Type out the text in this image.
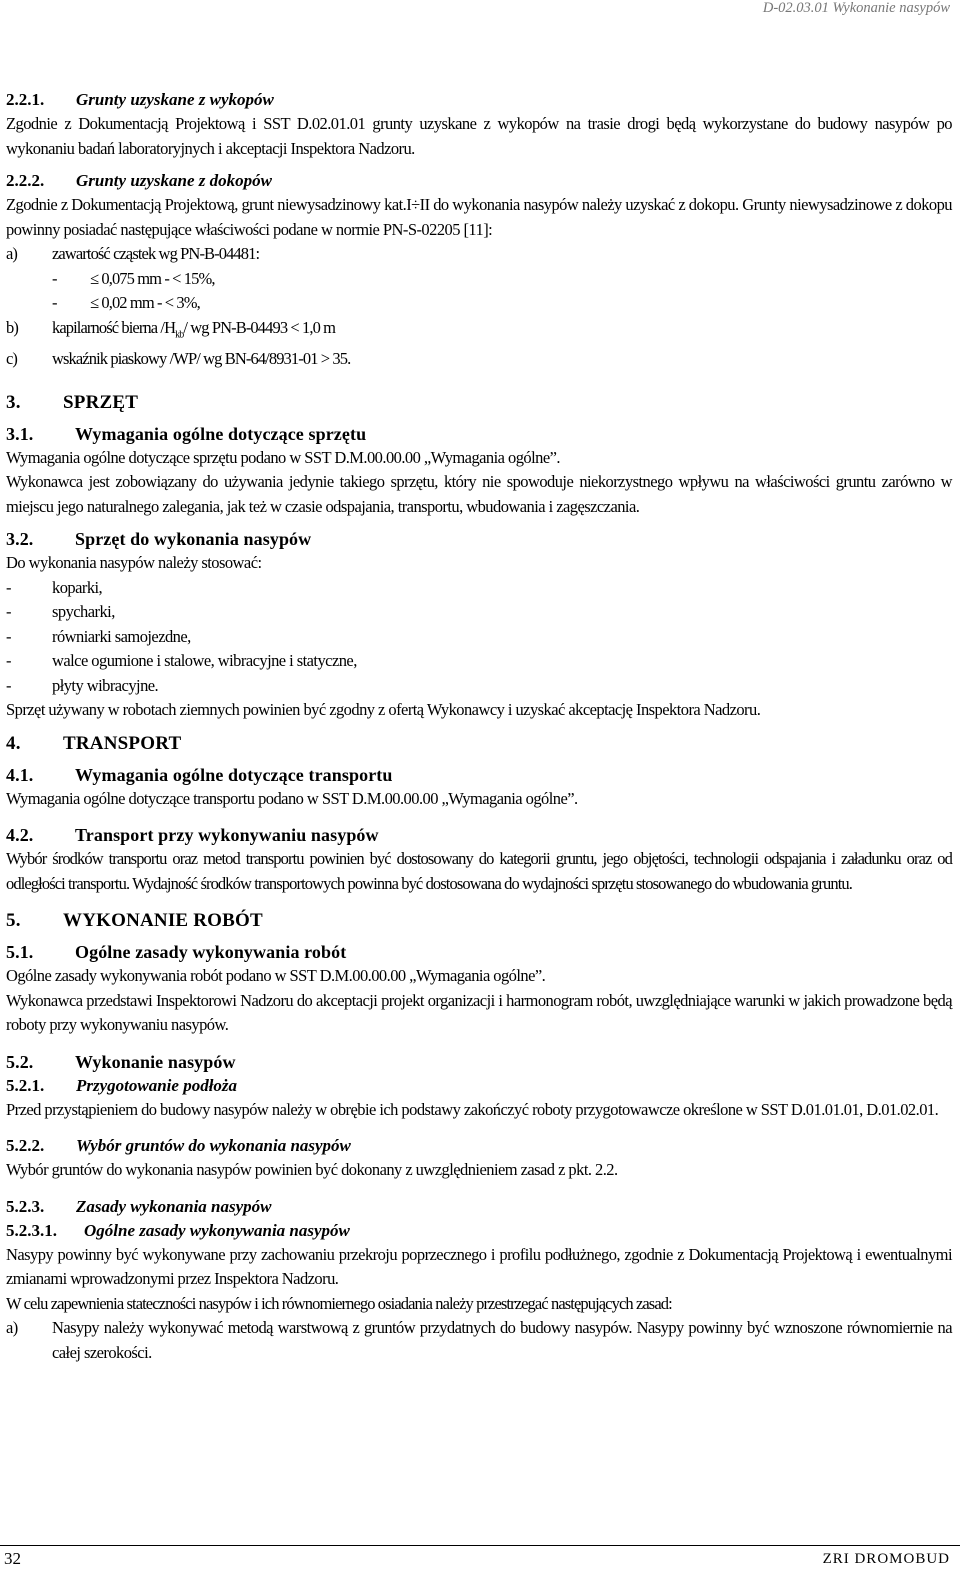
D-02.03.01 Wykonanie nasypów
2.2.1. Grunty uzyskane z wykopów

Zgodnie z Dokumentacją Projektową i SST D.02.01.01 grunty uzyskane z wykopów na trasie drogi będą wykorzystane do budowy nasypów po wykonaniu badań laboratoryjnych i akceptacji Inspektora Nadzoru.

2.2.2. Grunty uzyskane z dokopów

Zgodnie z Dokumentacją Projektową, grunt niewysadzinowy kat.I÷II do wykonania nasypów należy uzyskać z dokopu. Grunty niewysadzinowe z dokopu powinny posiadać następujące właściwości podane w normie PN-S-02205 [11]:

a)	zawartość cząstek wg PN-B-04481:
-	≤ 0,075 mm - < 15%,
-	≤ 0,02 mm - < 3%,
b)	kapilarność bierna $/H_{kb}/$ wg PN-B-04493 < 1,0 m
c)	wskaźnik piaskowy /WP/ wg BN-64/8931-01 > 35.
3. SPRZĘT
3.1. Wymagania ogólne dotyczące sprzętu

Wymagania ogólne dotyczące sprzętu podano w SST D.M.00.00.00 „Wymagania ogólne”.

Wykonawca jest zobowiązany do używania jedynie takiego sprzętu, który nie spowoduje niekorzystnego wpływu na właściwości gruntu zarówno w miejscu jego naturalnego zalegania, jak też w czasie odspajania, transportu, wbudowania i zagęszczania.

3.2. Sprzęt do wykonania nasypów

Do wykonania nasypów należy stosować:

-	koparki,
-	spycharki,
-	równiarki samojezdne,
-	walce ogumione i stalowe, wibracyjne i statyczne,
-	płyty wibracyjne.

Sprzęt używany w robotach ziemnych powinien być zgodny z ofertą Wykonawcy i uzyskać akceptację Inspektora Nadzoru.

4. TRANSPORT
4.1. Wymagania ogólne dotyczące transportu

Wymagania ogólne dotyczące transportu podano w SST D.M.00.00.00 „Wymagania ogólne”.

4.2. Transport przy wykonywaniu nasypów

Wybór środków transportu oraz metod transportu powinien być dostosowany do kategorii gruntu, jego objętości, technologii odspajania i załadunku oraz od odległości transportu. Wydajność środków transportowych powinna być dostosowana do wydajności sprzętu stosowanego do wbudowania gruntu.

5. WYKONANIE ROBÓT
5.1. Ogólne zasady wykonywania robót

Ogólne zasady wykonywania robót podano w SST D.M.00.00.00 „Wymagania ogólne”.

Wykonawca przedstawi Inspektorowi Nadzoru do akceptacji projekt organizacji i harmonogram robót, uwzględniające warunki w jakich prowadzone będą roboty przy wykonywaniu nasypów.

5.2. Wykonanie nasypów
5.2.1. Przygotowanie podłoża

Przed przystąpieniem do budowy nasypów należy w obrębie ich podstawy zakończyć roboty przygotowawcze określone w SST D.01.01.01, D.01.02.01.

5.2.2. Wybór gruntów do wykonania nasypów

Wybór gruntów do wykonania nasypów powinien być dokonany z uwzględnieniem zasad z pkt. 2.2.

5.2.3. Zasady wykonania nasypów
5.2.3.1. Ogólne zasady wykonywania nasypów

Nasypy powinny być wykonywane przy zachowaniu przekroju poprzecznego i profilu podłużnego, zgodnie z Dokumentacją Projektową i ewentualnymi zmianami wprowadzonymi przez Inspektora Nadzoru.

W celu zapewnienia stateczności nasypów i ich równomiernego osiadania należy przestrzegać następujących zasad:

a)	Nasypy należy wykonywać metodą warstwową z gruntów przydatnych do budowy nasypów. Nasypy powinny być wznoszone równomiernie na całej szerokości.
32	ZRI DROMOBUD
